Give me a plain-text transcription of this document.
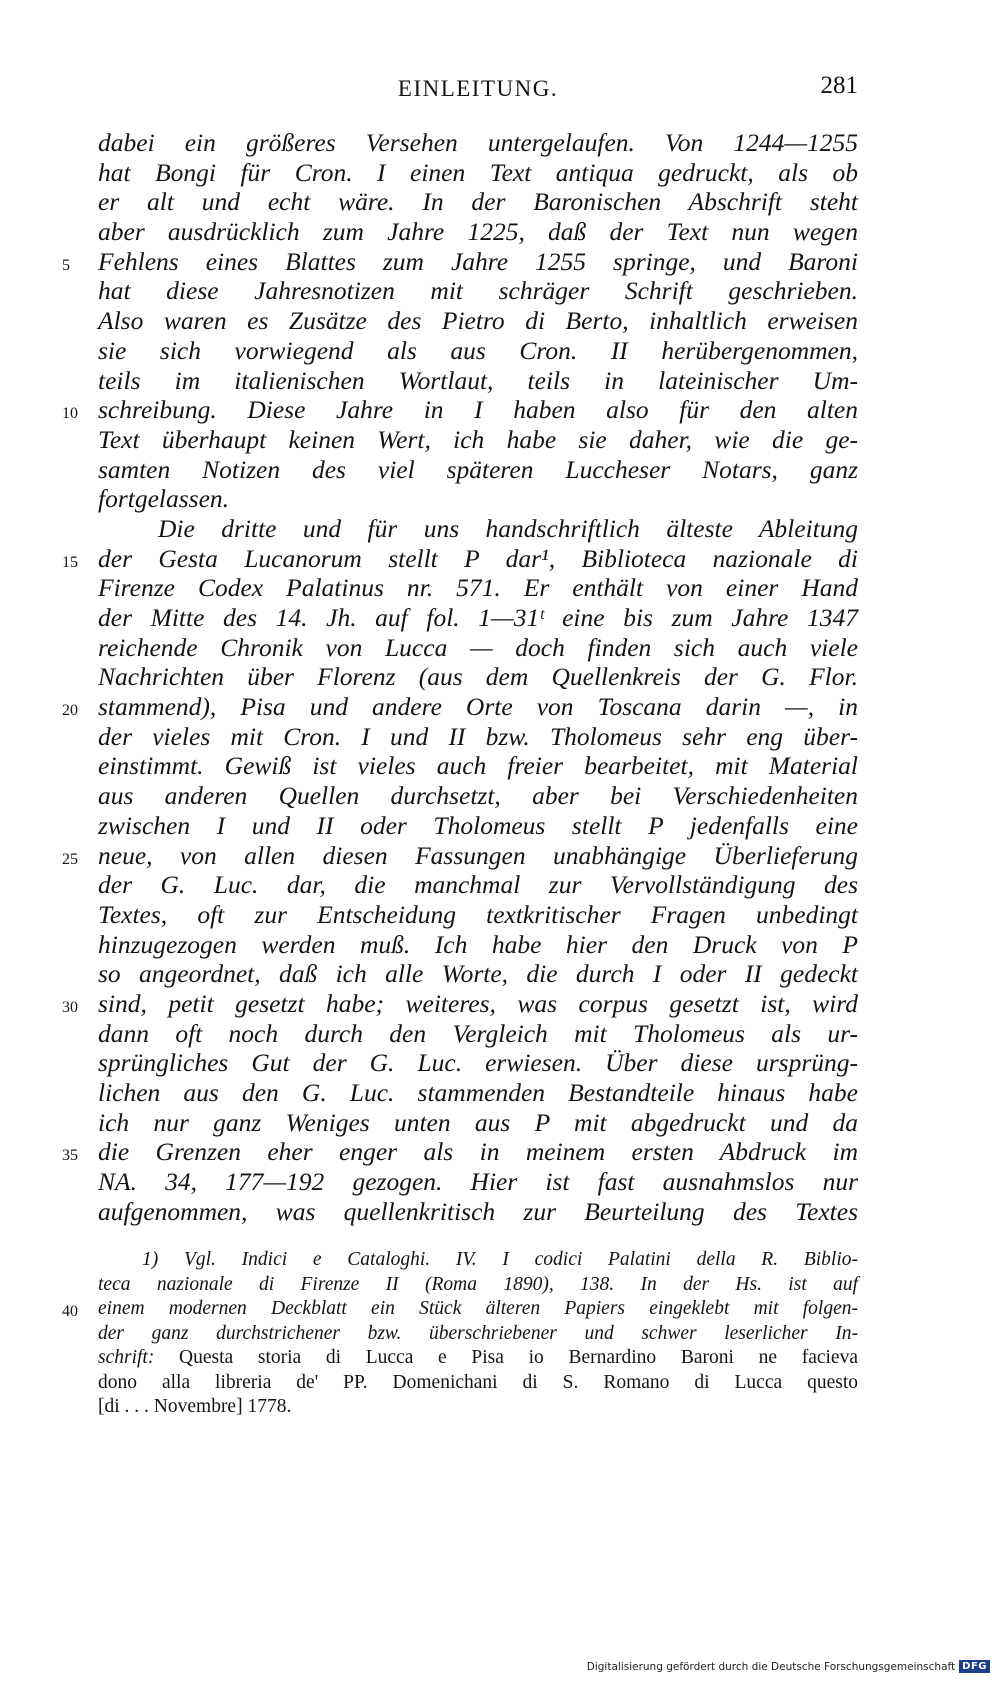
EINLEITUNG.	281
dabei ein größeres Versehen untergelaufen. Von 1244—1255
hat Bongi für Cron. I einen Text antiqua gedruckt, als ob
er alt und echt wäre. In der Baronischen Abschrift steht
aber ausdrücklich zum Jahre 1225, daß der Text nun wegen
5 Fehlens eines Blattes zum Jahre 1255 springe, und Baroni
hat diese Jahresnotizen mit schräger Schrift geschrieben.
Also waren es Zusätze des Pietro di Berto, inhaltlich erweisen
sie sich vorwiegend als aus Cron. II herübergenommen,
teils im italienischen Wortlaut, teils in lateinischer Um-
10 schreibung. Diese Jahre in I haben also für den alten
Text überhaupt keinen Wert, ich habe sie daher, wie die ge-
samten Notizen des viel späteren Luccheser Notars, ganz
fortgelassen.
Die dritte und für uns handschriftlich älteste Ableitung
15 der Gesta Lucanorum stellt P dar¹, Biblioteca nazionale di
Firenze Codex Palatinus nr. 571. Er enthält von einer Hand
der Mitte des 14. Jh. auf fol. 1—31ᵗ eine bis zum Jahre 1347
reichende Chronik von Lucca — doch finden sich auch viele
Nachrichten über Florenz (aus dem Quellenkreis der G. Flor.
20 stammend), Pisa und andere Orte von Toscana darin —, in
der vieles mit Cron. I und II bzw. Tholomeus sehr eng über-
einstimmt. Gewiß ist vieles auch freier bearbeitet, mit Material
aus anderen Quellen durchsetzt, aber bei Verschiedenheiten
zwischen I und II oder Tholomeus stellt P jedenfalls eine
25 neue, von allen diesen Fassungen unabhängige Überlieferung
der G. Luc. dar, die manchmal zur Vervollständigung des
Textes, oft zur Entscheidung textkritischer Fragen unbedingt
hinzugezogen werden muß. Ich habe hier den Druck von P
so angeordnet, daß ich alle Worte, die durch I oder II gedeckt
30 sind, petit gesetzt habe; weiteres, was corpus gesetzt ist, wird
dann oft noch durch den Vergleich mit Tholomeus als ur-
sprüngliches Gut der G. Luc. erwiesen. Über diese ursprüng-
lichen aus den G. Luc. stammenden Bestandteile hinaus habe
ich nur ganz Weniges unten aus P mit abgedruckt und da
35 die Grenzen eher enger als in meinem ersten Abdruck im
NA. 34, 177—192 gezogen. Hier ist fast ausnahmslos nur
aufgenommen, was quellenkritisch zur Beurteilung des Textes
1) Vgl. Indici e Cataloghi. IV. I codici Palatini della R. Biblio-
teca nazionale di Firenze II (Roma 1890), 138. In der Hs. ist auf
40 einem modernen Deckblatt ein Stück älteren Papiers eingeklebt mit folgen-
der ganz durchstrichener bzw. überschriebener und schwer leserlicher In-
schrift: Questa storia di Lucca e Pisa io Bernardino Baroni ne facieva
dono alla libreria de' PP. Domenichani di S. Romano di Lucca questo
[di . . . Novembre] 1778.
Digitalisierung gefördert durch die Deutsche Forschungsgemeinschaft DFG
